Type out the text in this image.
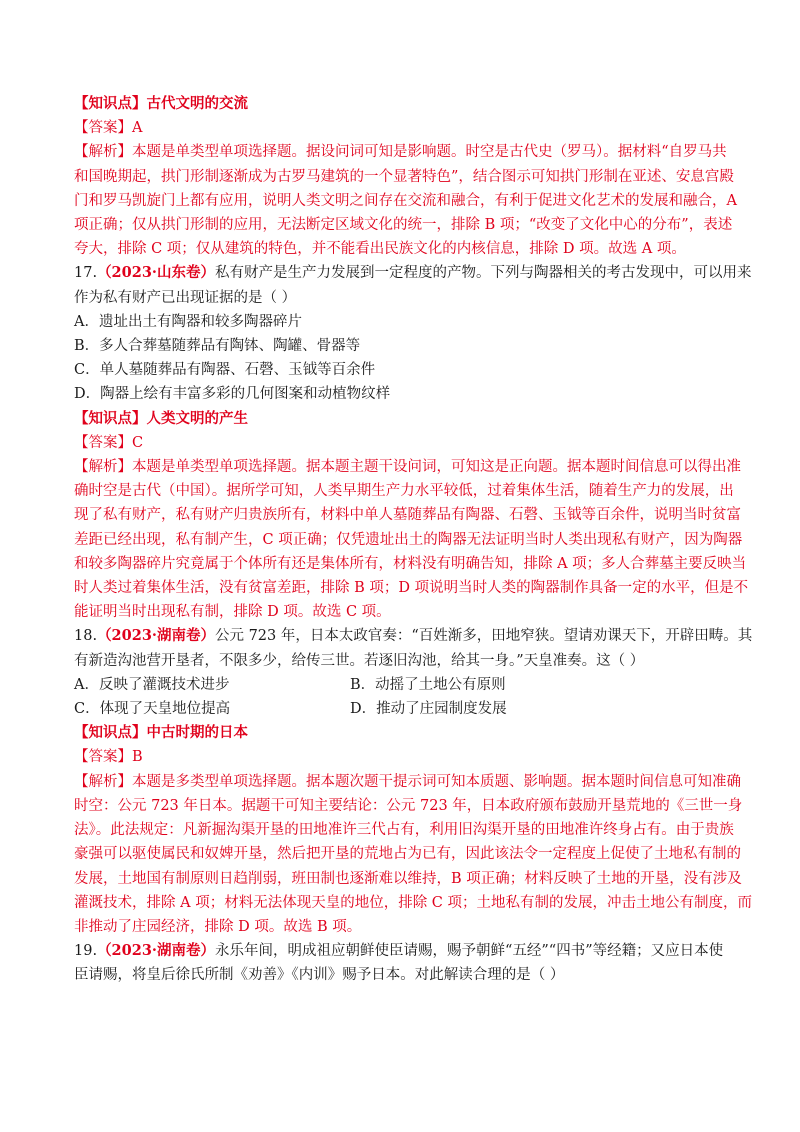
【知识点】古代文明的交流
【答案】A
【解析】本题是单类型单项选择题。据设问词可知是影响题。时空是古代史（罗马）。据材料“自罗马共
和国晚期起，拱门形制逐渐成为古罗马建筑的一个显著特色”，结合图示可知拱门形制在亚述、安息宫殿
门和罗马凯旋门上都有应用，说明人类文明之间存在交流和融合，有利于促进文化艺术的发展和融合，A
项正确；仅从拱门形制的应用，无法断定区域文化的统一，排除 B 项；“改变了文化中心的分布”，表述
夸大，排除 C 项；仅从建筑的特色，并不能看出民族文化的内核信息，排除 D 项。故选 A 项。
17.（2023·山东卷）私有财产是生产力发展到一定程度的产物。下列与陶器相关的考古发现中，可以用来
作为私有财产已出现证据的是（ ）
A．遗址出土有陶器和较多陶器碎片
B．多人合葬墓随葬品有陶钵、陶罐、骨器等
C．单人墓随葬品有陶器、石磬、玉钺等百余件
D．陶器上绘有丰富多彩的几何图案和动植物纹样
【知识点】人类文明的产生
【答案】C
【解析】本题是单类型单项选择题。据本题主题干设问词，可知这是正向题。据本题时间信息可以得出准
确时空是古代（中国）。据所学可知，人类早期生产力水平较低，过着集体生活，随着生产力的发展，出
现了私有财产，私有财产归贵族所有，材料中单人墓随葬品有陶器、石磬、玉钺等百余件，说明当时贫富
差距已经出现，私有制产生，C 项正确；仅凭遗址出土的陶器无法证明当时人类出现私有财产，因为陶器
和较多陶器碎片究竟属于个体所有还是集体所有，材料没有明确告知，排除 A 项；多人合葬墓主要反映当
时人类过着集体生活，没有贫富差距，排除 B 项；D 项说明当时人类的陶器制作具备一定的水平，但是不
能证明当时出现私有制，排除 D 项。故选 C 项。
18.（2023·湖南卷）公元 723 年，日本太政官奏：“百姓渐多，田地窄狭。望请劝课天下，开辟田畴。其
有新造沟池营开垦者，不限多少，给传三世。若逐旧沟池，给其一身。”天皇准奏。这（ ）
A．反映了灌溉技术进步	B．动摇了土地公有原则
C．体现了天皇地位提高	D．推动了庄园制度发展
【知识点】中古时期的日本
【答案】B
【解析】本题是多类型单项选择题。据本题次题干提示词可知本质题、影响题。据本题时间信息可知准确
时空：公元 723 年日本。据题干可知主要结论：公元 723 年，日本政府颁布鼓励开垦荒地的《三世一身
法》。此法规定：凡新掘沟渠开垦的田地准许三代占有，利用旧沟渠开垦的田地准许终身占有。由于贵族
豪强可以驱使属民和奴婢开垦，然后把开垦的荒地占为已有，因此该法令一定程度上促使了土地私有制的
发展，土地国有制原则日趋削弱，班田制也逐渐难以维持，B 项正确；材料反映了土地的开垦，没有涉及
灌溉技术，排除 A 项；材料无法体现天皇的地位，排除 C 项；土地私有制的发展，冲击土地公有制度，而
非推动了庄园经济，排除 D 项。故选 B 项。
19.（2023·湖南卷）永乐年间，明成祖应朝鲜使臣请赐，赐予朝鲜“五经”“四书”等经籍；又应日本使
臣请赐，将皇后徐氏所制《劝善》《内训》赐予日本。对此解读合理的是（ ）
